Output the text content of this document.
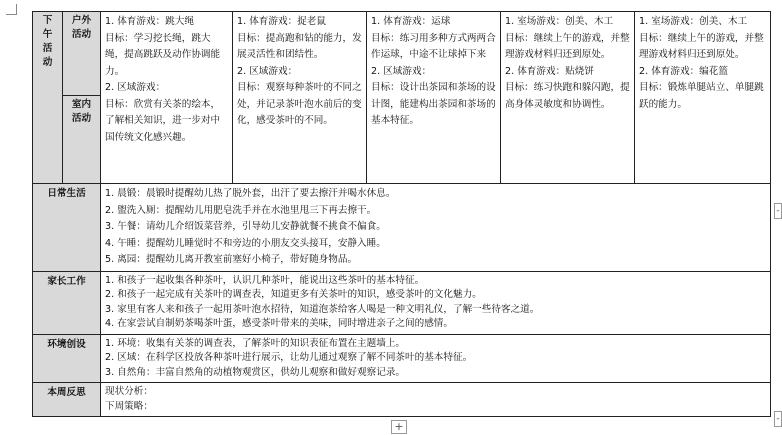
下午活动	户外活动	1. 体育游戏：跳大绳
目标：学习挖长绳，跳大绳，提高跳跃及动作协调能力。
2. 区域游戏：
目标：欣赏有关茶的绘本，了解相关知识，进一步对中国传统文化感兴趣。	1. 体育游戏：捉老鼠
目标：提高跑和钻的能力，发展灵活性和团结性。
2. 区域游戏：
目标：观察每种茶叶的不同之处，并记录茶叶泡水前后的变化，感受茶叶的不同。	1. 体育游戏：运球
目标：练习用多种方式两两合作运球，中途不让球掉下来
2. 区域游戏：
目标：设计出茶园和茶场的设计图，能建构出茶园和茶场的基本特征。	1. 室场游戏：创美、木工
目标：继续上午的游戏，并整理游戏材料归还到原处。
2. 体育游戏：贴烧饼
目标：练习快跑和躲闪跑，提高身体灵敏度和协调性。	1. 室场游戏：创美、木工
目标：继续上午的游戏，并整理游戏材料归还到原处。
2. 体育游戏：编花篮
目标：锻炼单腿站立、单腿跳跃的能力。

	室内活动					
日常生活		1. 晨锻：晨锻时提醒幼儿热了脱外套，出汗了要去擦汗并喝水休息。
2. 盥洗入厕：提醒幼儿用肥皂洗手并在水池里甩三下再去擦干。
3. 午餐：请幼儿介绍饭菜营养，引导幼儿安静就餐不挑食不偏食。
4. 午睡：提醒幼儿睡觉时不和旁边的小朋友交头接耳，安静入睡。
5. 离园：提醒幼儿离开教室前塞好小椅子，带好随身物品。				

家长工作		1. 和孩子一起收集各种茶叶，认识几种茶叶，能说出这些茶叶的基本特征。
2. 和孩子一起完成有关茶叶的调查表，知道更多有关茶叶的知识，感受茶叶的文化魅力。
3. 家里有客人来和孩子一起用茶叶泡水招待，知道泡茶给客人喝是一种文明礼仪，了解一些待客之道。
4. 在家尝试自制奶茶喝茶叶蛋，感受茶叶带来的美味，同时增进亲子之间的感情。				

环境创设		1. 环境：收集有关茶的调查表，了解茶叶的知识表征布置在主题墙上。
2. 区域：在科学区投放各种茶叶进行展示，让幼儿通过观察了解不同茶叶的基本特征。
3. 自然角：丰富自然角的动植物观赏区，供幼儿观察和做好观察记录。				

本周反思		现状分析：
下周策略：				
-
-
+
